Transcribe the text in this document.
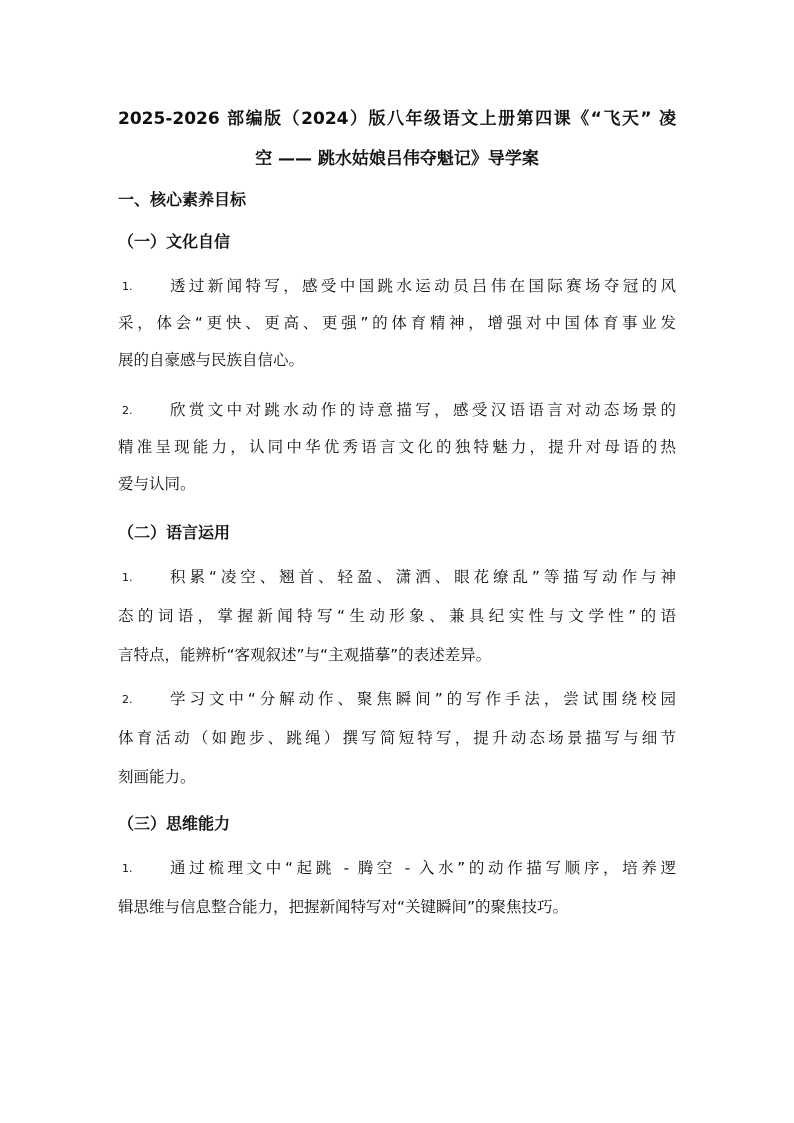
2025-2026 部编版（2024）版八年级语文上册第四课《“飞天” 凌
空 —— 跳水姑娘吕伟夺魁记》导学案
一、核心素养目标
（一）文化自信
1. 透过新闻特写，感受中国跳水运动员吕伟在国际赛场夺冠的风
采，体会“更快、更高、更强”的体育精神，增强对中国体育事业发
展的自豪感与民族自信心。
2. 欣赏文中对跳水动作的诗意描写，感受汉语语言对动态场景的
精准呈现能力，认同中华优秀语言文化的独特魅力，提升对母语的热
爱与认同。
（二）语言运用
1. 积累“凌空、翘首、轻盈、潇洒、眼花缭乱”等描写动作与神
态的词语，掌握新闻特写“生动形象、兼具纪实性与文学性”的语
言特点，能辨析“客观叙述”与“主观描摹”的表述差异。
2. 学习文中“分解动作、聚焦瞬间”的写作手法，尝试围绕校园
体育活动（如跑步、跳绳）撰写简短特写，提升动态场景描写与细节
刻画能力。
（三）思维能力
1. 通过梳理文中“起跳 - 腾空 - 入水”的动作描写顺序，培养逻
辑思维与信息整合能力，把握新闻特写对“关键瞬间”的聚焦技巧。
